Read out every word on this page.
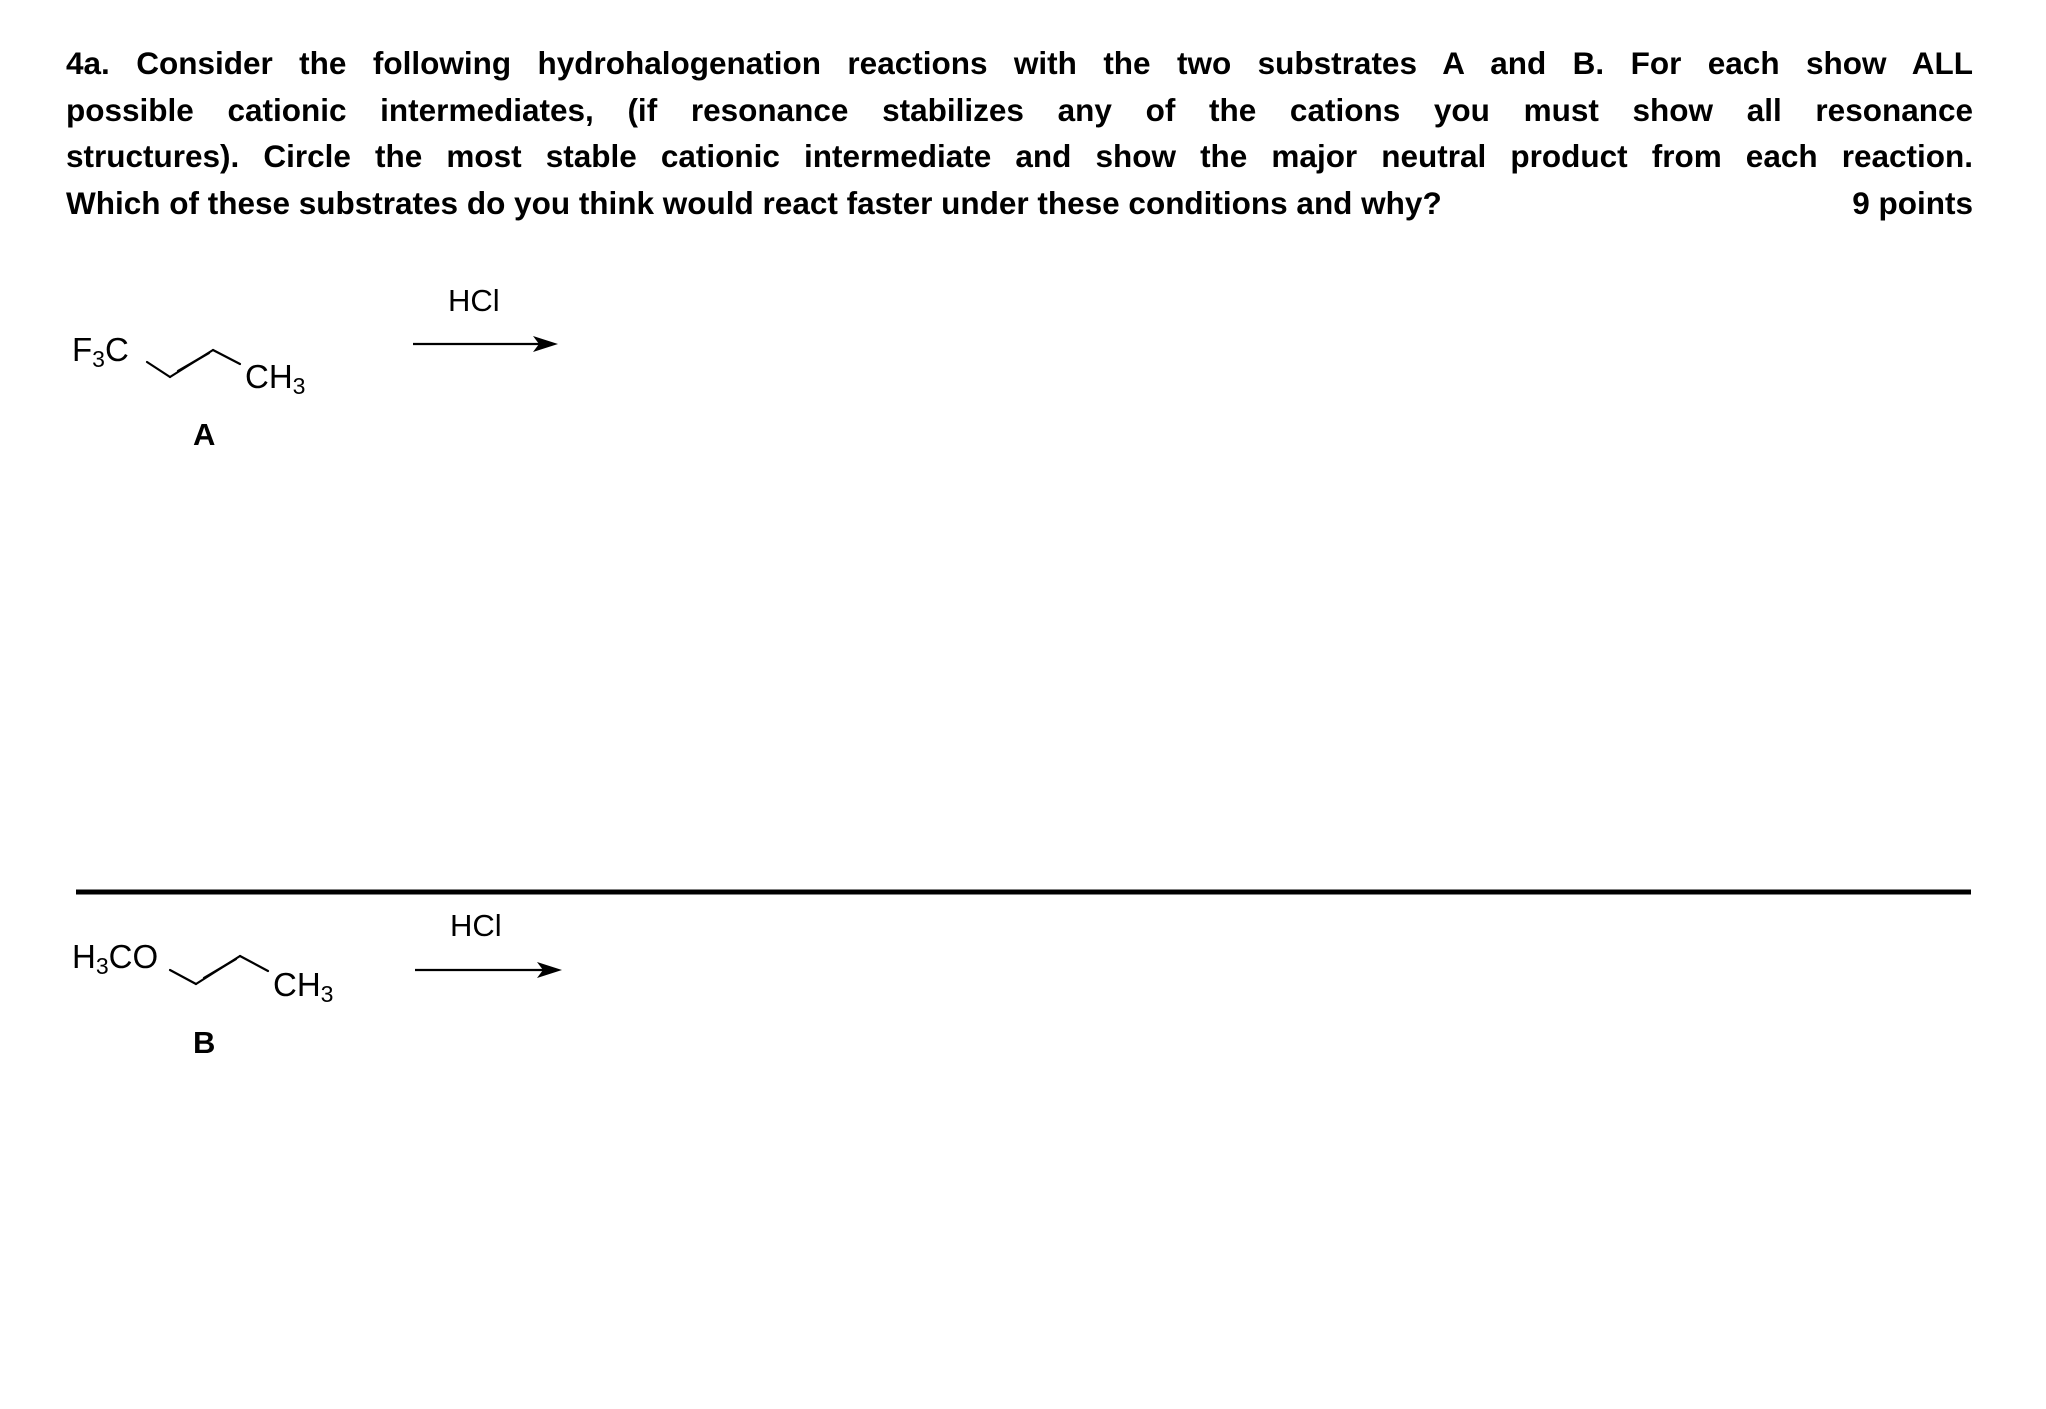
4a. Consider the following hydrohalogenation reactions with the two substrates A and B. For each show ALL
possible cationic intermediates, (if resonance stabilizes any of the cations you must show all resonance
structures). Circle the most stable cationic intermediate and show the major neutral product from each reaction.
Which of these substrates do you think would react faster under these conditions and why?	9 points
$F_3C$
$CH_3$
A
HCl
$H_3CO$
$CH_3$
B
HCl
